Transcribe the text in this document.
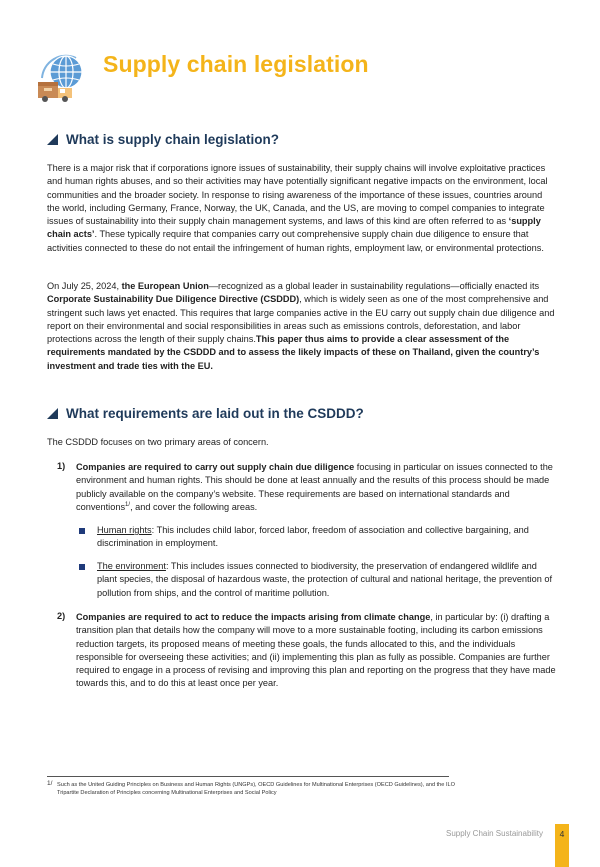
Supply chain legislation
What is supply chain legislation?
There is a major risk that if corporations ignore issues of sustainability, their supply chains will involve exploitative practices and human rights abuses, and so their activities may have potentially significant negative impacts on the environment, local communities and the broader society. In response to rising awareness of the importance of these issues, countries around the world, including Germany, France, Norway, the UK, Canada, and the US, are moving to compel companies to integrate issues of sustainability into their supply chain management systems, and laws of this kind are often referred to as ‘supply chain acts’. These typically require that companies carry out comprehensive supply chain due diligence to ensure that activities connected to these do not entail the infringement of human rights, employment law, or environmental protections.
On July 25, 2024, the European Union—recognized as a global leader in sustainability regulations—officially enacted its Corporate Sustainability Due Diligence Directive (CSDDD), which is widely seen as one of the most comprehensive and stringent such laws yet enacted. This requires that large companies active in the EU carry out supply chain due diligence and report on their environmental and social responsibilities in areas such as emissions controls, deforestation, and labor protections across the length of their supply chains.This paper thus aims to provide a clear assessment of the requirements mandated by the CSDDD and to assess the likely impacts of these on Thailand, given the country’s investment and trade ties with the EU.
What requirements are laid out in the CSDDD?
The CSDDD focuses on two primary areas of concern.
1) Companies are required to carry out supply chain due diligence focusing in particular on issues connected to the environment and human rights. This should be done at least annually and the results of this process should be made publicly available on the company’s website. These requirements are based on international standards and conventions$^{1/}$, and cover the following areas.
Human rights: This includes child labor, forced labor, freedom of association and collective bargaining, and discrimination in employment.
The environment: This includes issues connected to biodiversity, the preservation of endangered wildlife and plant species, the disposal of hazardous waste, the protection of cultural and national heritage, the prevention of pollution from ships, and the control of maritime pollution.
2) Companies are required to act to reduce the impacts arising from climate change, in particular by: (i) drafting a transition plan that details how the company will move to a more sustainable footing, including its carbon emissions reduction targets, its proposed means of meeting these goals, the funds allocated to this, and the individuals responsible for overseeing these activities; and (ii) implementing this plan as fully as possible. Companies are further required to engage in a process of revising and improving this plan and reporting on the progress that they have made towards this, and to do this at least once per year.
1/ Such as the United Guiding Principles on Business and Human Rights (UNGPs), OECD Guidelines for Multinational Enterprises (OECD Guidelines), and the ILO Tripartite Declaration of Principles concerning Multinational Enterprises and Social Policy
Supply Chain Sustainability	4
